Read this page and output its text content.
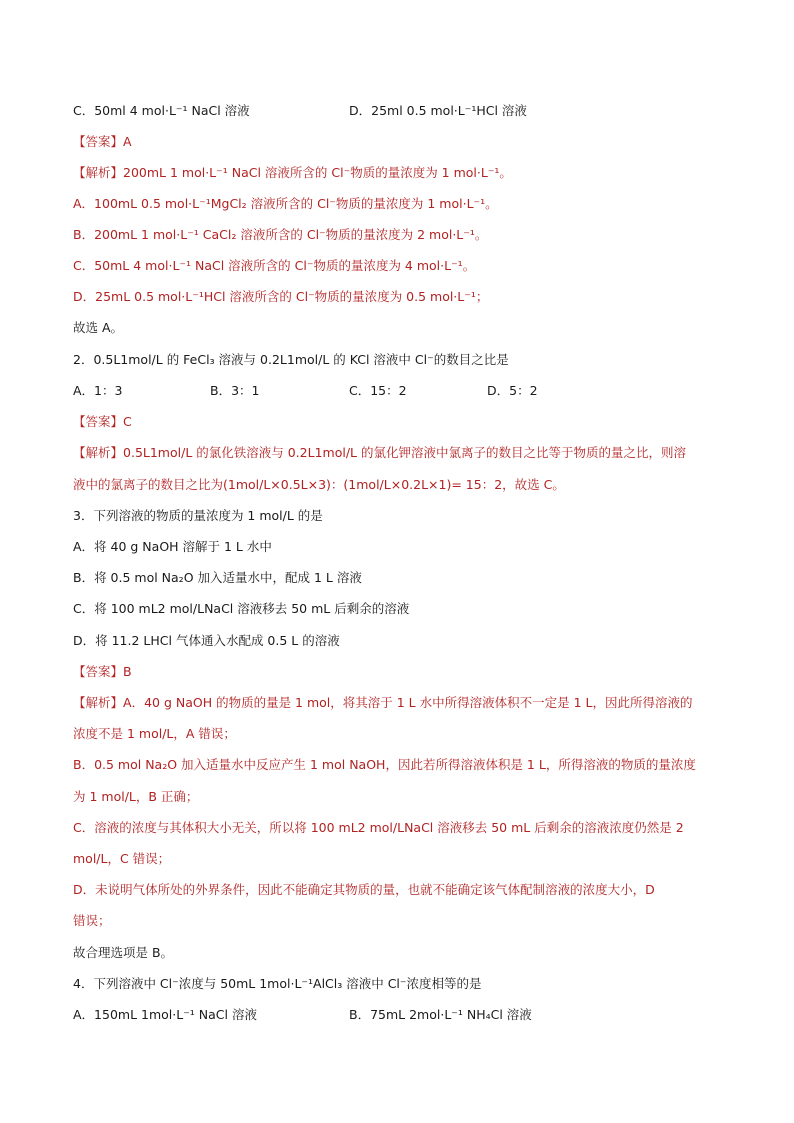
C．50ml 4 mol·L⁻¹ NaCl 溶液	D．25ml 0.5 mol·L⁻¹HCl 溶液
【答案】A
【解析】200mL 1 mol·L⁻¹ NaCl 溶液所含的 Cl⁻物质的量浓度为 1 mol·L⁻¹。
A．100mL 0.5 mol·L⁻¹MgCl₂ 溶液所含的 Cl⁻物质的量浓度为 1 mol·L⁻¹。
B．200mL 1 mol·L⁻¹ CaCl₂ 溶液所含的 Cl⁻物质的量浓度为 2 mol·L⁻¹。
C．50mL 4 mol·L⁻¹ NaCl 溶液所含的 Cl⁻物质的量浓度为 4 mol·L⁻¹。
D．25mL 0.5 mol·L⁻¹HCl 溶液所含的 Cl⁻物质的量浓度为 0.5 mol·L⁻¹；
故选 A。
2．0.5L1mol/L 的 FeCl₃ 溶液与 0.2L1mol/L 的 KCl 溶液中 Cl⁻的数目之比是
A．1：3	B．3：1	C．15：2	D．5：2
【答案】C
【解析】0.5L1mol/L 的氯化铁溶液与 0.2L1mol/L 的氯化钾溶液中氯离子的数目之比等于物质的量之比，则溶
液中的氯离子的数目之比为(1mol/L×0.5L×3)：(1mol/L×0.2L×1)= 15：2，故选 C。
3．下列溶液的物质的量浓度为 1 mol/L 的是
A．将 40 g NaOH 溶解于 1 L 水中
B．将 0.5 mol Na₂O 加入适量水中，配成 1 L 溶液
C．将 100 mL2 mol/LNaCl 溶液移去 50 mL 后剩余的溶液
D．将 11.2 LHCl 气体通入水配成 0.5 L 的溶液
【答案】B
【解析】A．40 g NaOH 的物质的量是 1 mol，将其溶于 1 L 水中所得溶液体积不一定是 1 L，因此所得溶液的
浓度不是 1 mol/L，A 错误；
B．0.5 mol Na₂O 加入适量水中反应产生 1 mol NaOH，因此若所得溶液体积是 1 L，所得溶液的物质的量浓度
为 1 mol/L，B 正确；
C．溶液的浓度与其体积大小无关，所以将 100 mL2 mol/LNaCl 溶液移去 50 mL 后剩余的溶液浓度仍然是 2
mol/L，C 错误；
D．未说明气体所处的外界条件，因此不能确定其物质的量，也就不能确定该气体配制溶液的浓度大小，D
错误；
故合理选项是 B。
4．下列溶液中 Cl⁻浓度与 50mL 1mol·L⁻¹AlCl₃ 溶液中 Cl⁻浓度相等的是
A．150mL 1mol·L⁻¹ NaCl 溶液	B．75mL 2mol·L⁻¹ NH₄Cl 溶液
